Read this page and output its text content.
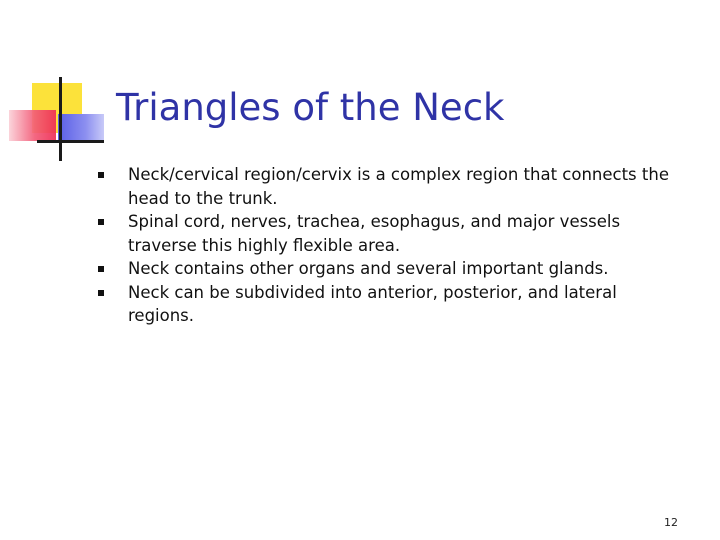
Triangles of the Neck
Neck/cervical region/cervix is a complex region that connects the head to the trunk.
Spinal cord, nerves, trachea, esophagus, and major vessels traverse this highly flexible area.
Neck contains other organs and several important glands.
Neck can be subdivided into anterior, posterior, and lateral regions.
12
